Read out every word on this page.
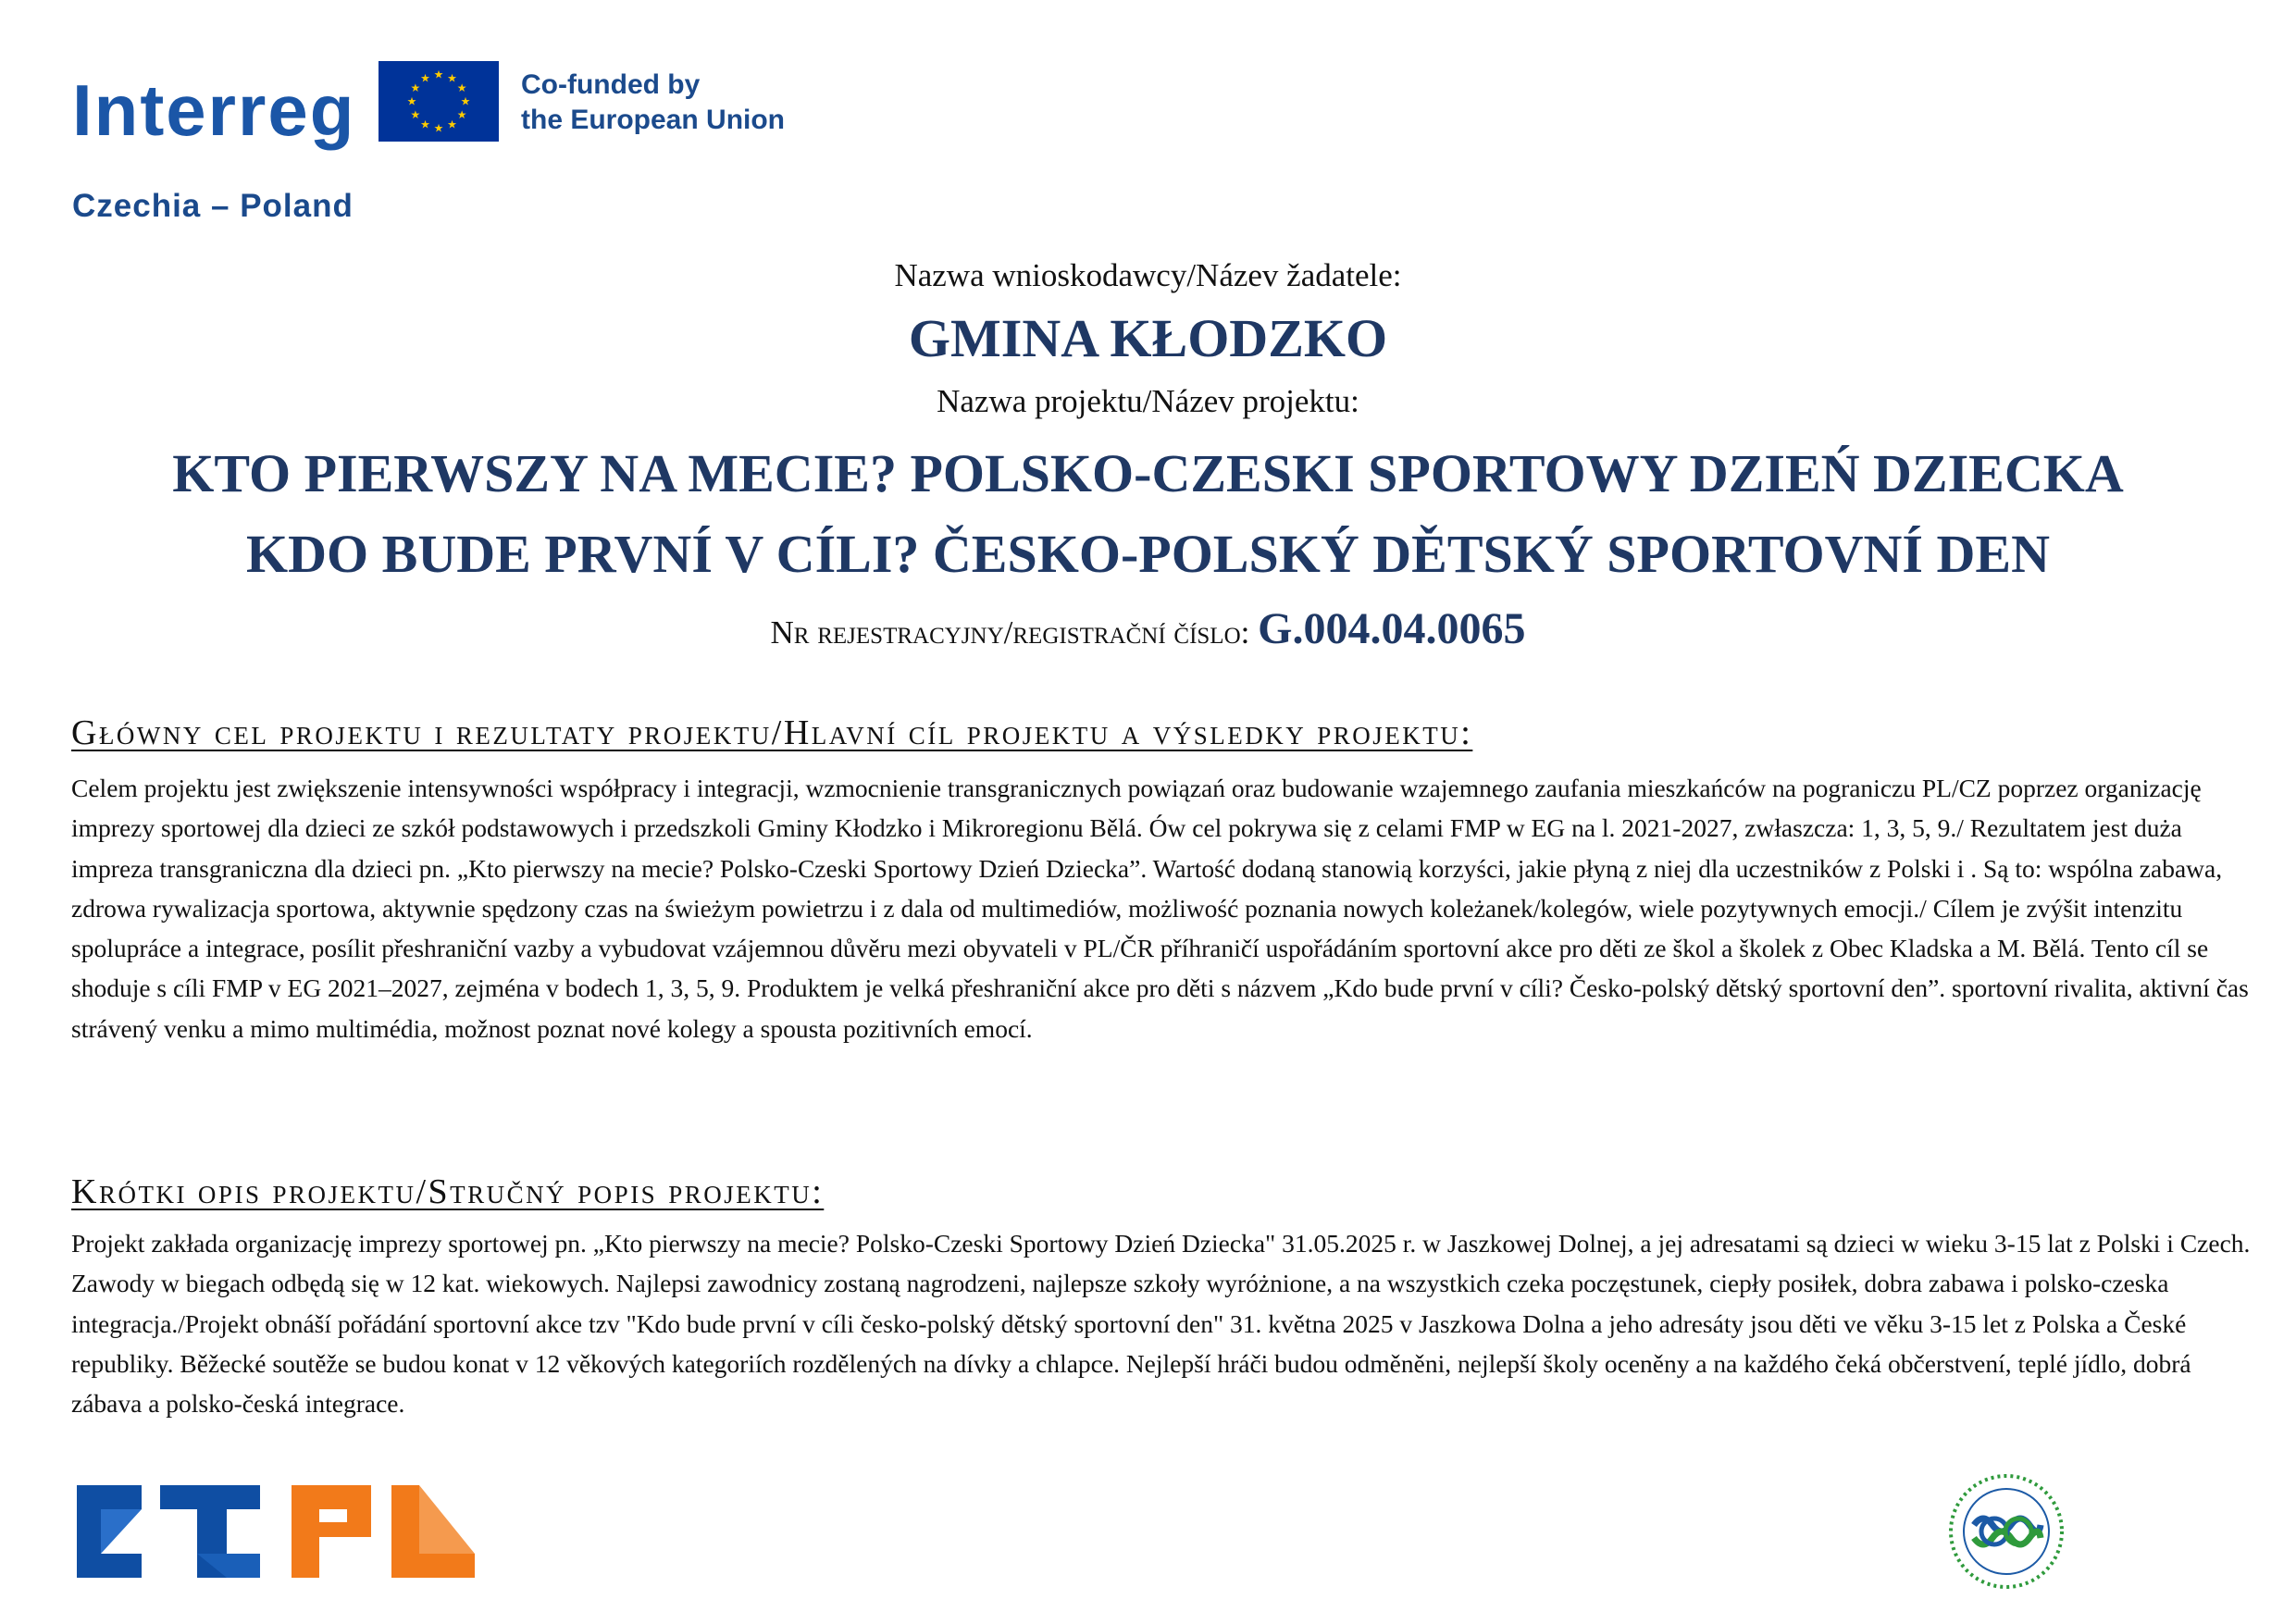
Interreg	★ ★
★
★
★
★
★
★
★
★
★
★	Co-funded by
the European Union
Czechia – Poland
Nazwa wnioskodawcy/Název žadatele:
GMINA KŁODZKO
Nazwa projektu/Název projektu:
KTO PIERWSZY NA MECIE? POLSKO-CZESKI SPORTOWY DZIEŃ DZIECKA
KDO BUDE PRVNÍ V CÍLI? ČESKO-POLSKÝ DĚTSKÝ SPORTOVNÍ DEN
Nr rejestracyjny/registrační číslo: G.004.04.0065
Główny cel projektu i rezultaty projektu/Hlavní cíl projektu a výsledky projektu:
Celem projektu jest zwiększenie intensywności współpracy i integracji, wzmocnienie transgranicznych powiązań oraz budowanie wzajemnego zaufania mieszkańców na pograniczu PL/CZ poprzez organizację imprezy sportowej dla dzieci ze szkół podstawowych i przedszkoli Gminy Kłodzko i Mikroregionu Bělá. Ów cel pokrywa się z celami FMP w EG na l. 2021-2027, zwłaszcza: 1, 3, 5, 9./ Rezultatem jest duża impreza transgraniczna dla dzieci pn. „Kto pierwszy na mecie? Polsko-Czeski Sportowy Dzień Dziecka”. Wartość dodaną stanowią korzyści, jakie płyną z niej dla uczestników z Polski i . Są to: wspólna zabawa, zdrowa rywalizacja sportowa, aktywnie spędzony czas na świeżym powietrzu i z dala od multimediów, możliwość poznania nowych koleżanek/kolegów, wiele pozytywnych emocji./ Cílem je zvýšit intenzitu spolupráce a integrace, posílit přeshraniční vazby a vybudovat vzájemnou důvěru mezi obyvateli v PL/ČR příhraničí uspořádáním sportovní akce pro děti ze škol a školek z Obec Kladska a M. Bělá. Tento cíl se shoduje s cíli FMP v EG 2021–2027, zejména v bodech 1, 3, 5, 9. Produktem je velká přeshraniční akce pro děti s názvem „Kdo bude první v cíli? Česko-polský dětský sportovní den”. sportovní rivalita, aktivní čas strávený venku a mimo multimédia, možnost poznat nové kolegy a spousta pozitivních emocí.
Krótki opis projektu/Stručný popis projektu:
Projekt zakłada organizację imprezy sportowej pn. „Kto pierwszy na mecie? Polsko-Czeski Sportowy Dzień Dziecka" 31.05.2025 r. w Jaszkowej Dolnej, a jej adresatami są dzieci w wieku 3-15 lat z Polski i Czech. Zawody w biegach odbędą się w 12 kat. wiekowych. Najlepsi zawodnicy zostaną nagrodzeni, najlepsze szkoły wyróżnione, a na wszystkich czeka poczęstunek, ciepły posiłek, dobra zabawa i polsko-czeska integracja./Projekt obnáší pořádání sportovní akce tzv "Kdo bude první v cíli česko-polský dětský sportovní den" 31. května 2025 v Jaszkowa Dolna a jeho adresáty jsou děti ve věku 3-15 let z Polska a České republiky. Běžecké soutěže se budou konat v 12 věkových kategoriích rozdělených na dívky a chlapce. Nejlepší hráči budou odměněni, nejlepší školy oceněny a na každého čeká občerstvení, teplé jídlo, dobrá zábava a polsko-česká integrace.
